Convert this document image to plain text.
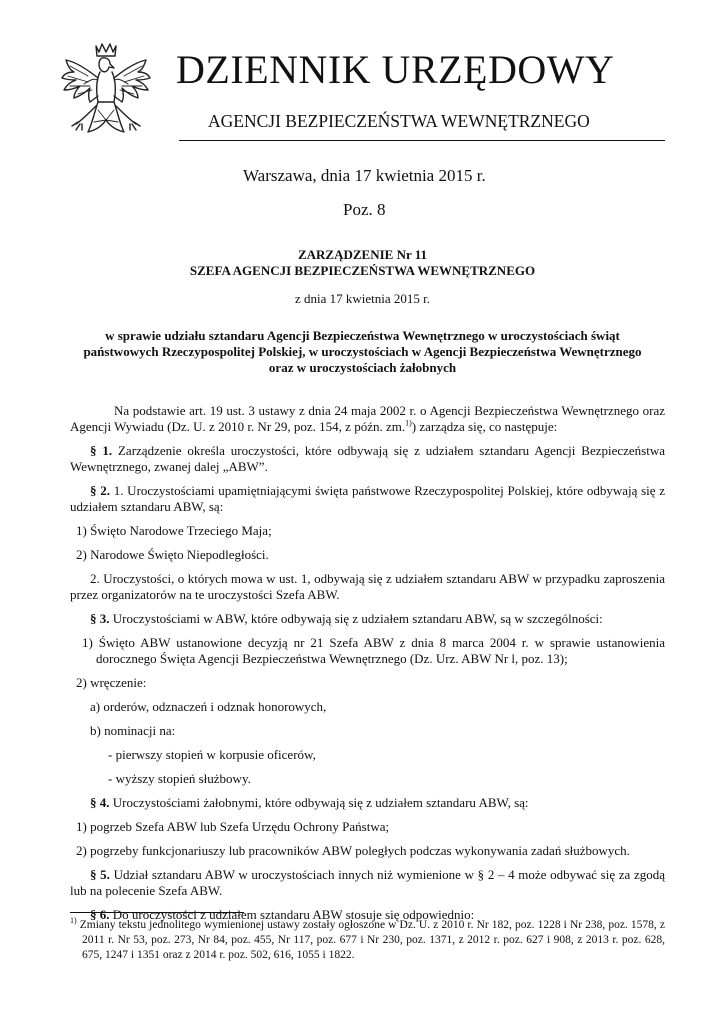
DZIENNIK URZĘDOWY
AGENCJI BEZPIECZEŃSTWA WEWNĘTRZNEGO
Warszawa, dnia 17 kwietnia 2015 r.
Poz. 8
ZARZĄDZENIE Nr 11
SZEFA AGENCJI BEZPIECZEŃSTWA WEWNĘTRZNEGO
z dnia 17 kwietnia 2015 r.
w sprawie udziału sztandaru Agencji Bezpieczeństwa Wewnętrznego w uroczystościach świąt
państwowych Rzeczypospolitej Polskiej, w uroczystościach w Agencji Bezpieczeństwa Wewnętrznego
oraz w uroczystościach żałobnych

Na podstawie art. 19 ust. 3 ustawy z dnia 24 maja 2002 r. o Agencji Bezpieczeństwa Wewnętrznego oraz Agencji Wywiadu (Dz. U. z 2010 r. Nr 29, poz. 154, z późn. zm.$^{1)}$) zarządza się, co następuje:

§ 1. Zarządzenie określa uroczystości, które odbywają się z udziałem sztandaru Agencji Bezpieczeństwa Wewnętrznego, zwanej dalej „ABW”.

§ 2. 1. Uroczystościami upamiętniającymi święta państwowe Rzeczypospolitej Polskiej, które odbywają się z udziałem sztandaru ABW, są:

1) Święto Narodowe Trzeciego Maja;

2) Narodowe Święto Niepodległości.

2. Uroczystości, o których mowa w ust. 1, odbywają się z udziałem sztandaru ABW w przypadku zaproszenia przez organizatorów na te uroczystości Szefa ABW.

§ 3. Uroczystościami w ABW, które odbywają się z udziałem sztandaru ABW, są w szczególności:

1) Święto ABW ustanowione decyzją nr 21 Szefa ABW z dnia 8 marca 2004 r. w sprawie ustanowienia dorocznego Święta Agencji Bezpieczeństwa Wewnętrznego (Dz. Urz. ABW Nr l, poz. 13);

2) wręczenie:

a) orderów, odznaczeń i odznak honorowych,

b) nominacji na:

- pierwszy stopień w korpusie oficerów,

- wyższy stopień służbowy.

§ 4. Uroczystościami żałobnymi, które odbywają się z udziałem sztandaru ABW, są:

1) pogrzeb Szefa ABW lub Szefa Urzędu Ochrony Państwa;

2) pogrzeby funkcjonariuszy lub pracowników ABW poległych podczas wykonywania zadań służbowych.

§ 5. Udział sztandaru ABW w uroczystościach innych niż wymienione w § 2 – 4 może odbywać się za zgodą lub na polecenie Szefa ABW.

§ 6. Do uroczystości z udziałem sztandaru ABW stosuje się odpowiednio:

$^{1)}$ Zmiany tekstu jednolitego wymienionej ustawy zostały ogłoszone w Dz. U. z 2010 r. Nr 182, poz. 1228 i Nr 238, poz. 1578, z 2011 r. Nr 53, poz. 273, Nr 84, poz. 455, Nr 117, poz. 677 i Nr 230, poz. 1371, z 2012 r. poz. 627 i 908, z 2013 r. poz. 628, 675, 1247 i 1351 oraz z 2014 r. poz. 502, 616, 1055 i 1822.
